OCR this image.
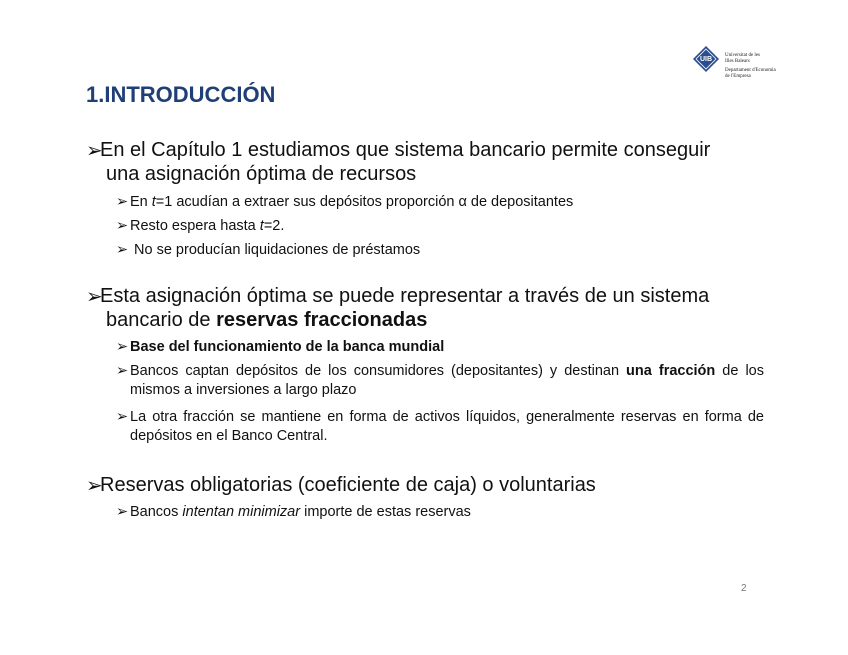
UIB	Universitat de les
Illes Balears
Departament d'Economia
de l'Empresa
1.INTRODUCCIÓN
➢
En el Capítulo 1 estudiamos que sistema bancario permite conseguir
una asignación óptima de recursos
➢ En t=1 acudían a extraer sus depósitos proporción α de depositantes
➢ Resto espera hasta t=2.
➢ No se producían liquidaciones de préstamos
➢
Esta asignación óptima se puede representar a través de un sistema
bancario de reservas fraccionadas
➢ Base del funcionamiento de la banca mundial
➢ Bancos captan depósitos de los consumidores (depositantes) y destinan una fracción de los mismos a inversiones a largo plazo
➢ La otra fracción se mantiene en forma de activos líquidos, generalmente reservas en forma de depósitos en el Banco Central.
➢
Reservas obligatorias (coeficiente de caja) o voluntarias
➢ Bancos intentan minimizar importe de estas reservas
2
